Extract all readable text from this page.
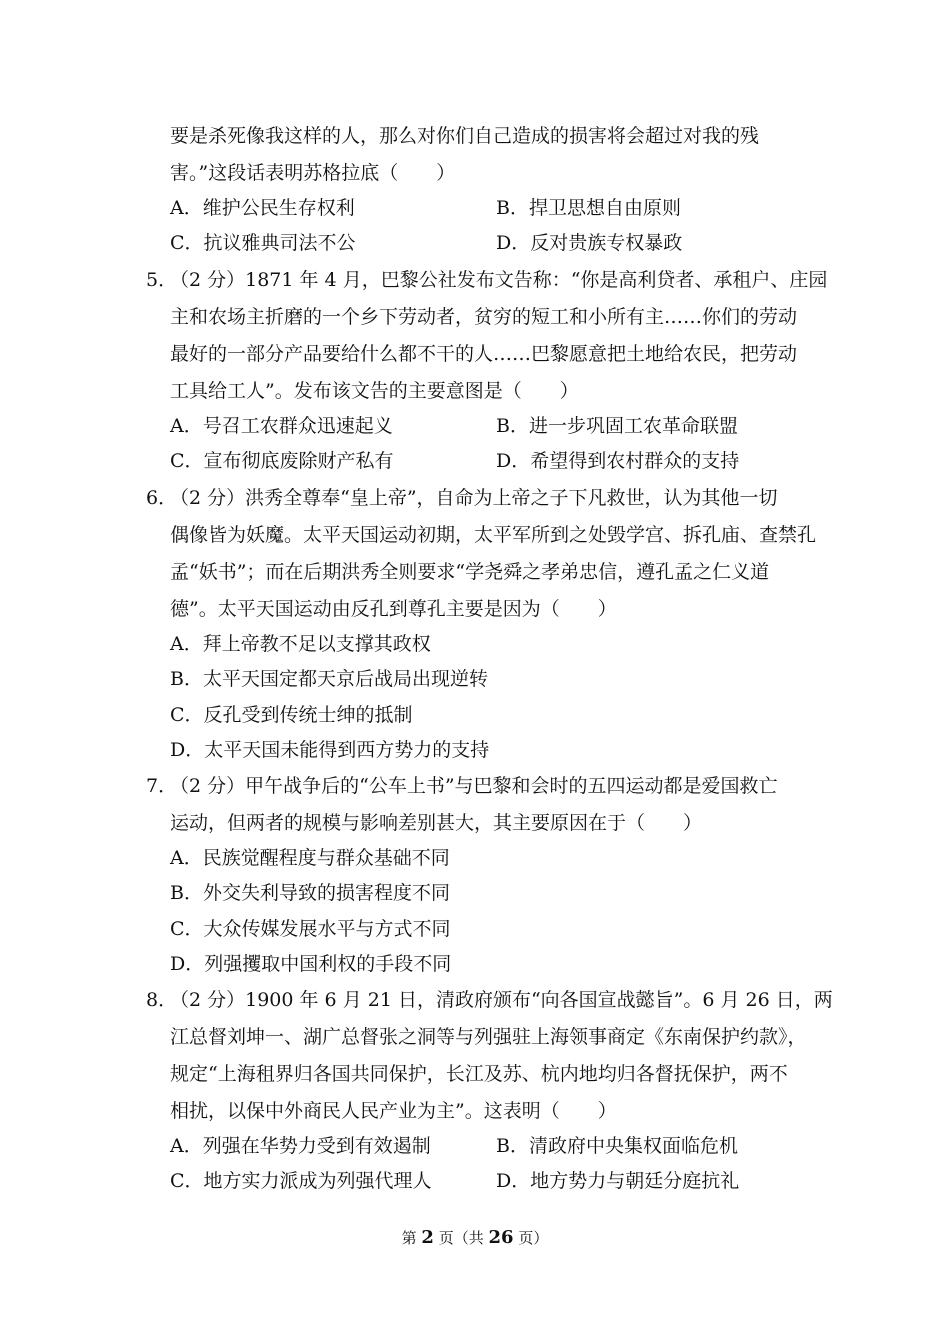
要是杀死像我这样的人，那么对你们自己造成的损害将会超过对我的残
害。”这段话表明苏格拉底（　　）
A．维护公民生存权利	B．捍卫思想自由原则
C．抗议雅典司法不公	D．反对贵族专权暴政
5．
（2 分）1871 年 4 月，巴黎公社发布文告称：“你是高利贷者、承租户、庄园
主和农场主折磨的一个乡下劳动者，贫穷的短工和小所有主……你们的劳动
最好的一部分产品要给什么都不干的人……巴黎愿意把土地给农民，把劳动
工具给工人”。发布该文告的主要意图是（　　）
A．号召工农群众迅速起义	B．进一步巩固工农革命联盟
C．宣布彻底废除财产私有	D．希望得到农村群众的支持
6．
（2 分）洪秀全尊奉“皇上帝”，自命为上帝之子下凡救世，认为其他一切
偶像皆为妖魔。太平天国运动初期，太平军所到之处毁学宫、拆孔庙、查禁孔
孟“妖书”；而在后期洪秀全则要求“学尧舜之孝弟忠信，遵孔孟之仁义道
德”。太平天国运动由反孔到尊孔主要是因为（　　）
A．拜上帝教不足以支撑其政权
B．太平天国定都天京后战局出现逆转
C．反孔受到传统士绅的抵制
D．太平天国未能得到西方势力的支持
7．
（2 分）甲午战争后的“公车上书”与巴黎和会时的五四运动都是爱国救亡
运动，但两者的规模与影响差别甚大，其主要原因在于（　　）
A．民族觉醒程度与群众基础不同
B．外交失利导致的损害程度不同
C．大众传媒发展水平与方式不同
D．列强攫取中国利权的手段不同
8．
（2 分）1900 年 6 月 21 日，清政府颁布“向各国宣战懿旨”。6 月 26 日，两
江总督刘坤一、湖广总督张之洞等与列强驻上海领事商定《东南保护约款》，
规定“上海租界归各国共同保护，长江及苏、杭内地均归各督抚保护，两不
相扰，以保中外商民人民产业为主”。这表明（　　）
A．列强在华势力受到有效遏制	B．清政府中央集权面临危机
C．地方实力派成为列强代理人	D．地方势力与朝廷分庭抗礼
第 2 页（共 26 页）
